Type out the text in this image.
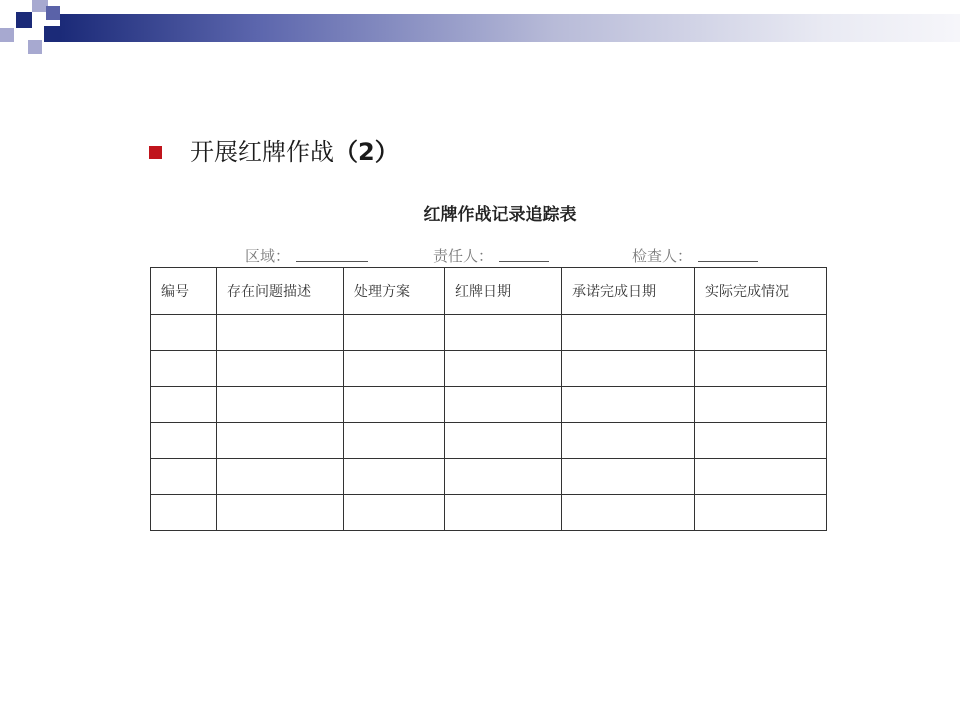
开展红牌作战（2）
红牌作战记录追踪表
区域：	责任人：	检查人：
编号	存在问题描述	处理方案	红牌日期	承诺完成日期	实际完成情况
